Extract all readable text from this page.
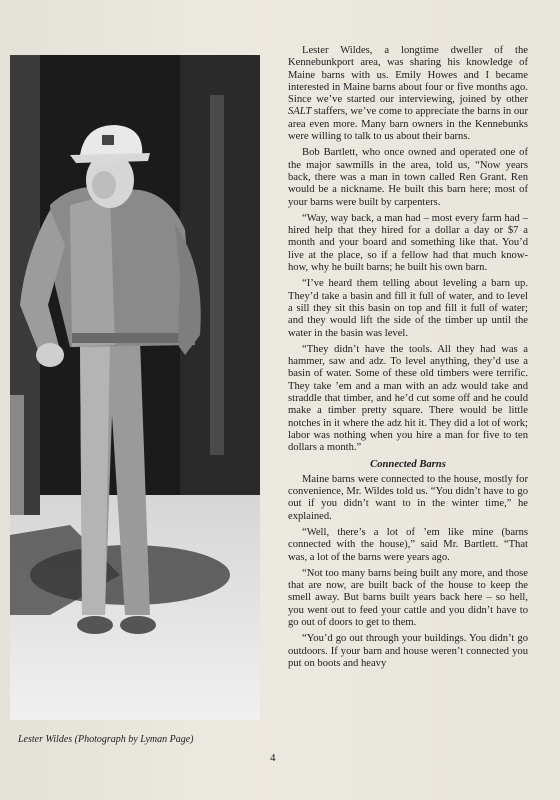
Lester Wildes (Photograph by Lyman Page)

Lester Wildes, a longtime dweller of the Kennebunkport area, was sharing his knowledge of Maine barns with us. Emily Howes and I became interested in Maine barns about four or five months ago. Since we’ve started our interviewing, joined by other SALT staffers, we’ve come to appreciate the barns in our area even more. Many barn owners in the Kennebunks were willing to talk to us about their barns.

Bob Bartlett, who once owned and operated one of the major sawmills in the area, told us, “Now years back, there was a man in town called Ren Grant. Ren would be a nickname. He built this barn here; most of your barns were built by carpenters.

“Way, way back, a man had – most every farm had – hired help that they hired for a dollar a day or $7 a month and your board and something like that. You’d live at the place, so if a fellow had that much know-how, why he built barns; he built his own barn.

“I’ve heard them telling about leveling a barn up. They’d take a basin and fill it full of water, and to level a sill they sit this basin on top and fill it full of water; and they would lift the side of the timber up until the water in the basin was level.

“They didn’t have the tools. All they had was a hammer, saw and adz. To level anything, they’d use a basin of water. Some of these old timbers were terrific. They take ’em and a man with an adz would take and straddle that timber, and he’d cut some off and he could make a timber pretty square. There would be little notches in it where the adz hit it. They did a lot of work; labor was nothing when you hire a man for five to ten dollars a month.”

Connected Barns

Maine barns were connected to the house, mostly for convenience, Mr. Wildes told us. “You didn’t have to go out if you didn’t want to in the winter time,” he explained.

“Well, there’s a lot of ’em like mine (barns connected with the house),” said Mr. Bartlett. “That was, a lot of the barns were years ago.

“Not too many barns being built any more, and those that are now, are built back of the house to keep the smell away. But barns built years back here – so hell, you went out to feed your cattle and you didn’t have to go out of doors to get to them.

“You’d go out through your buildings. You didn’t go outdoors. If your barn and house weren’t connected you put on boots and heavy

4
